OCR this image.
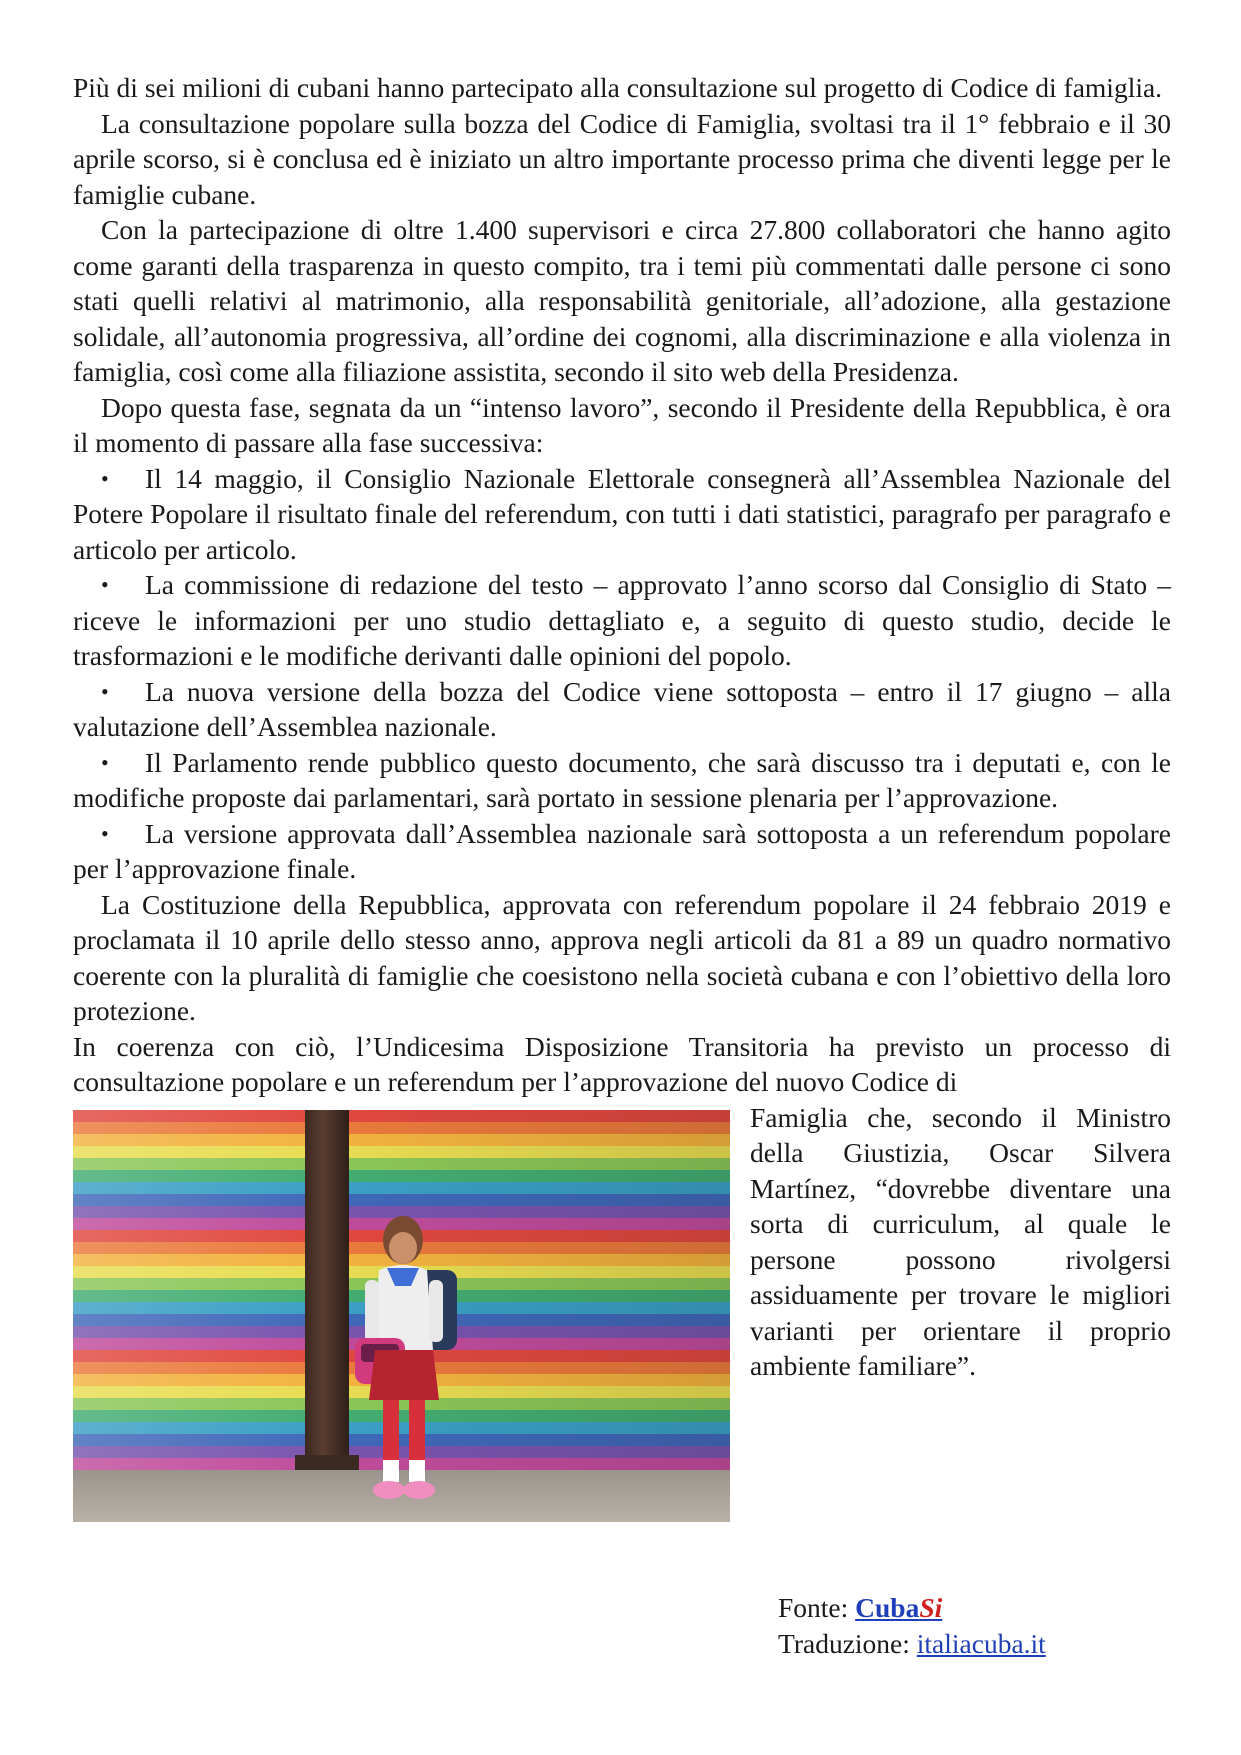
Più di sei milioni di cubani hanno partecipato alla consultazione sul progetto di Codice di famiglia.

La consultazione popolare sulla bozza del Codice di Famiglia, svoltasi tra il 1° febbraio e il 30 aprile scorso, si è conclusa ed è iniziato un altro importante processo prima che diventi legge per le famiglie cubane.

Con la partecipazione di oltre 1.400 supervisori e circa 27.800 collaboratori che hanno agito come garanti della trasparenza in questo compito, tra i temi più commentati dalle persone ci sono stati quelli relativi al matrimonio, alla responsabilità genitoriale, all’adozione, alla gestazione solidale, all’autonomia progressiva, all’ordine dei cognomi, alla discriminazione e alla violenza in famiglia, così come alla filiazione assistita, secondo il sito web della Presidenza.

Dopo questa fase, segnata da un “intenso lavoro”, secondo il Presidente della Repubblica, è ora il momento di passare alla fase successiva:

• Il 14 maggio, il Consiglio Nazionale Elettorale consegnerà all’Assemblea Nazionale del Potere Popolare il risultato finale del referendum, con tutti i dati statistici, paragrafo per paragrafo e articolo per articolo.
• La commissione di redazione del testo – approvato l’anno scorso dal Consiglio di Stato – riceve le informazioni per uno studio dettagliato e, a seguito di questo studio, decide le trasformazioni e le modifiche derivanti dalle opinioni del popolo.
• La nuova versione della bozza del Codice viene sottoposta – entro il 17 giugno – alla valutazione dell’Assemblea nazionale.
• Il Parlamento rende pubblico questo documento, che sarà discusso tra i deputati e, con le modifiche proposte dai parlamentari, sarà portato in sessione plenaria per l’approvazione.
• La versione approvata dall’Assemblea nazionale sarà sottoposta a un referendum popolare per l’approvazione finale.

La Costituzione della Repubblica, approvata con referendum popolare il 24 febbraio 2019 e proclamata il 10 aprile dello stesso anno, approva negli articoli da 81 a 89 un quadro normativo coerente con la pluralità di famiglie che coesistono nella società cubana e con l’obiettivo della loro protezione.

In coerenza con ciò, l’Undicesima Disposizione Transitoria ha previsto un processo di consultazione popolare e un referendum per l’approvazione del nuovo Codice di

Famiglia che, secondo il Ministro della Giustizia, Oscar Silvera Martínez, “dovrebbe diventare una sorta di curriculum, al quale le persone possono rivolgersi assiduamente per trovare le migliori varianti per orientare il proprio ambiente familiare”.

Fonte: CubaSi
Traduzione: italiacuba.it
